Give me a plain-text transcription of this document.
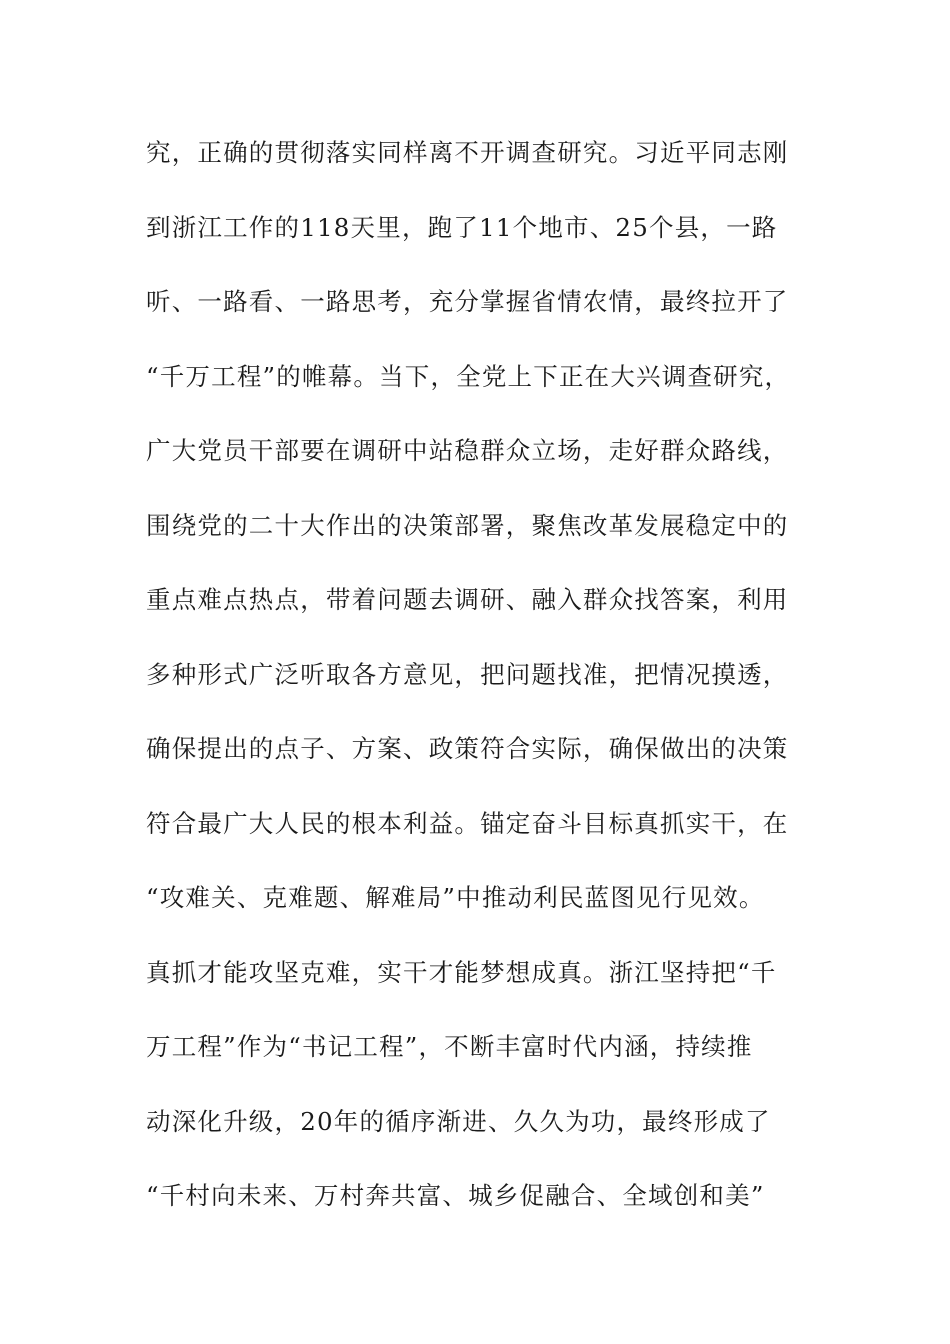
究，正确的贯彻落实同样离不开调查研究。习近平同志刚
到浙江工作的118天里，跑了11个地市、25个县，一路
听、一路看、一路思考，充分掌握省情农情，最终拉开了
“千万工程”的帷幕。当下，全党上下正在大兴调查研究，
广大党员干部要在调研中站稳群众立场，走好群众路线，
围绕党的二十大作出的决策部署，聚焦改革发展稳定中的
重点难点热点，带着问题去调研、融入群众找答案，利用
多种形式广泛听取各方意见，把问题找准，把情况摸透，
确保提出的点子、方案、政策符合实际，确保做出的决策
符合最广大人民的根本利益。锚定奋斗目标真抓实干，在
“攻难关、克难题、解难局”中推动利民蓝图见行见效。
真抓才能攻坚克难，实干才能梦想成真。浙江坚持把“千
万工程”作为“书记工程”，不断丰富时代内涵，持续推
动深化升级，20年的循序渐进、久久为功，最终形成了
“千村向未来、万村奔共富、城乡促融合、全域创和美”
